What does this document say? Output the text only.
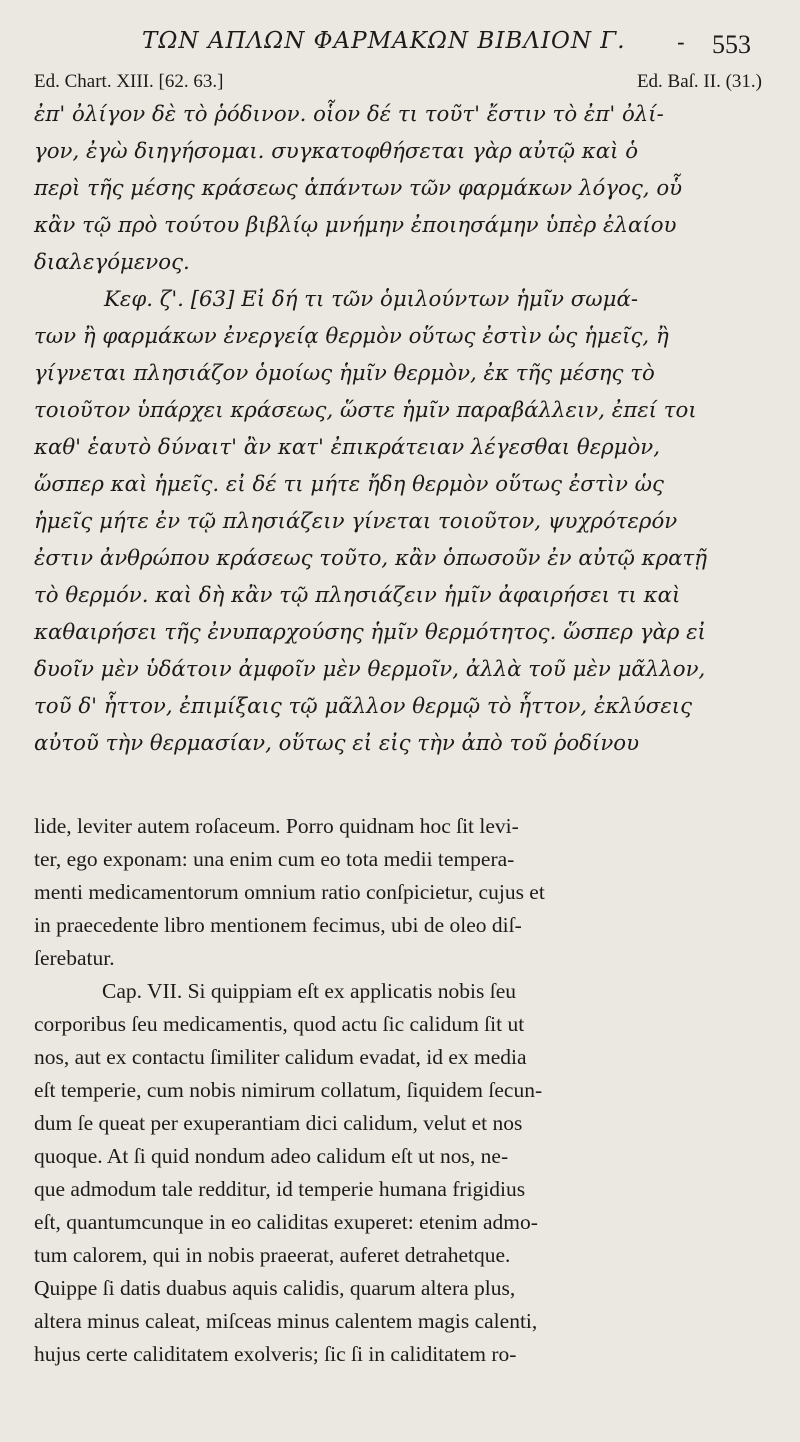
ΤΩΝ ΑΠΛΩΝ ΦΑΡΜΑΚΩΝ ΒΙΒΛΙΟΝ Γ. - 553
Ed. Chart. XIII. [62. 63.]	Ed. Baſ. II. (31.)
ἐπ' ὀλίγον δὲ τὸ ῥόδινον. οἷον δέ τι τοῦτ' ἔστιν τὸ ἐπ' ὀλί-
γον, ἐγὼ διηγήσομαι. συγκατοφθήσεται γὰρ αὐτῷ καὶ ὁ
περὶ τῆς μέσης κράσεως ἁπάντων τῶν φαρμάκων λόγος, οὗ
κἂν τῷ πρὸ τούτου βιβλίῳ μνήμην ἐποιησάμην ὑπὲρ ἐλαίου
διαλεγόμενος.
Κεφ. ζ'. [63] Εἰ δή τι τῶν ὁμιλούντων ἡμῖν σωμά-
των ἢ φαρμάκων ἐνεργείᾳ θερμὸν οὕτως ἐστὶν ὡς ἡμεῖς, ἢ
γίγνεται πλησιάζον ὁμοίως ἡμῖν θερμὸν, ἐκ τῆς μέσης τὸ
τοιοῦτον ὑπάρχει κράσεως, ὥστε ἡμῖν παραβάλλειν, ἐπεί τοι
καθ' ἑαυτὸ δύναιτ' ἂν κατ' ἐπικράτειαν λέγεσθαι θερμὸν,
ὥσπερ καὶ ἡμεῖς. εἰ δέ τι μήτε ἤδη θερμὸν οὕτως ἐστὶν ὡς
ἡμεῖς μήτε ἐν τῷ πλησιάζειν γίνεται τοιοῦτον, ψυχρότερόν
ἐστιν ἀνθρώπου κράσεως τοῦτο, κἂν ὁπωσοῦν ἐν αὐτῷ κρατῇ
τὸ θερμόν. καὶ δὴ κἂν τῷ πλησιάζειν ἡμῖν ἀφαιρήσει τι καὶ
καθαιρήσει τῆς ἐνυπαρχούσης ἡμῖν θερμότητος. ὥσπερ γὰρ εἰ
δυοῖν μὲν ὑδάτοιν ἀμφοῖν μὲν θερμοῖν, ἀλλὰ τοῦ μὲν μᾶλλον,
τοῦ δ' ἧττον, ἐπιμίξαις τῷ μᾶλλον θερμῷ τὸ ἧττον, ἐκλύσεις
αὐτοῦ τὴν θερμασίαν, οὕτως εἰ εἰς τὴν ἀπὸ τοῦ ῥοδίνου
lide, leviter autem roſaceum. Porro quidnam hoc ſit levi-
ter, ego exponam: una enim cum eo tota medii tempera-
menti medicamentorum omnium ratio conſpicietur, cujus et
in praecedente libro mentionem fecimus, ubi de oleo diſ-
ſerebatur.
Cap. VII. Si quippiam eſt ex applicatis nobis ſeu
corporibus ſeu medicamentis, quod actu ſic calidum ſit ut
nos, aut ex contactu ſimiliter calidum evadat, id ex media
eſt temperie, cum nobis nimirum collatum, ſiquidem ſecun-
dum ſe queat per exuperantiam dici calidum, velut et nos
quoque. At ſi quid nondum adeo calidum eſt ut nos, ne-
que admodum tale redditur, id temperie humana frigidius
eſt, quantumcunque in eo caliditas exuperet: etenim admo-
tum calorem, qui in nobis praeerat, auferet detrahetque.
Quippe ſi datis duabus aquis calidis, quarum altera plus,
altera minus caleat, miſceas minus calentem magis calenti,
hujus certe caliditatem exolveris; ſic ſi in caliditatem ro-
